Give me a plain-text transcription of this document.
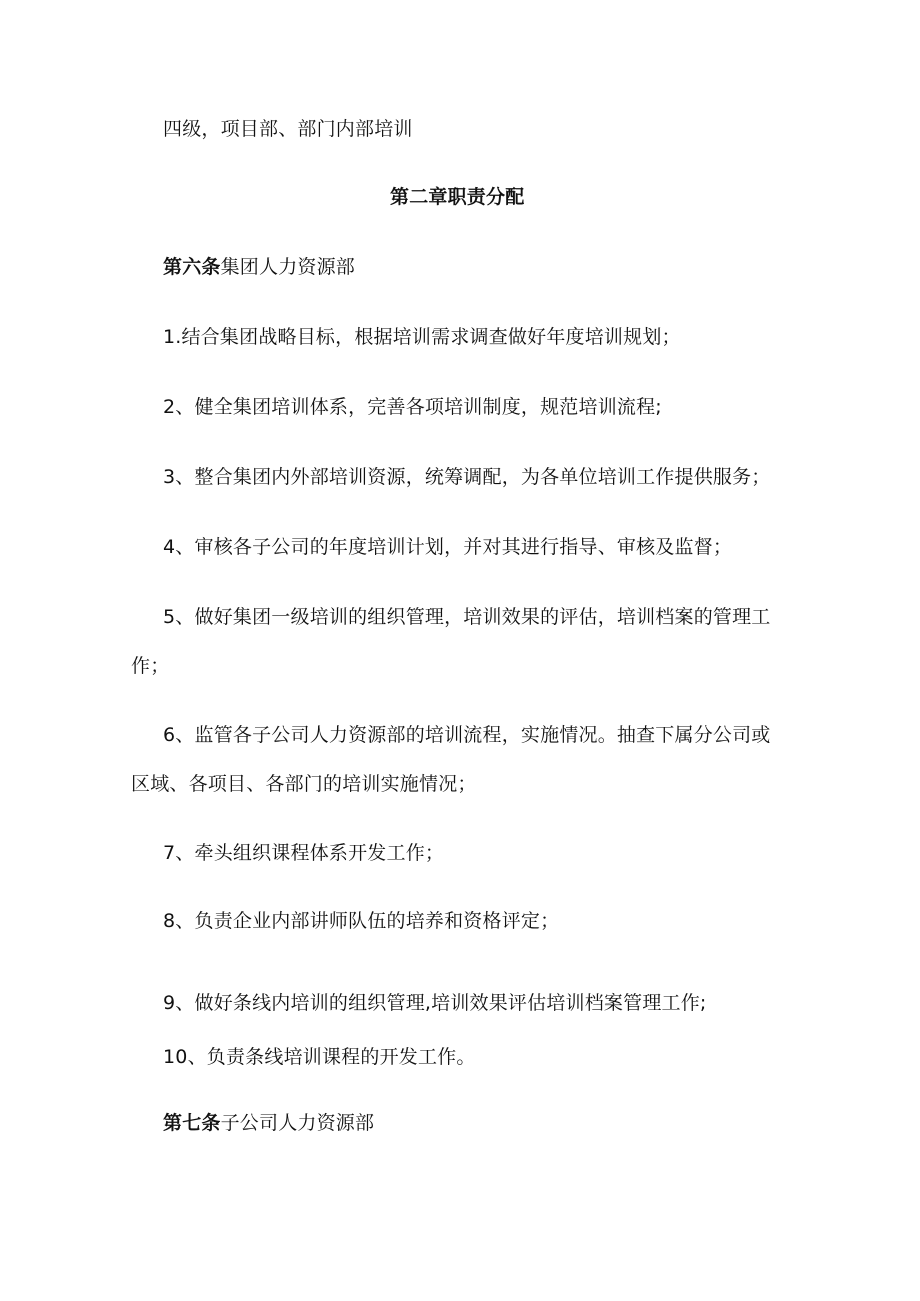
四级，项目部、部门内部培训
第二章职责分配
第六条集团人力资源部
1.结合集团战略目标，根据培训需求调查做好年度培训规划；
2、健全集团培训体系，完善各项培训制度，规范培训流程;
3、整合集团内外部培训资源，统筹调配，为各单位培训工作提供服务；
4、审核各子公司的年度培训计划，并对其进行指导、审核及监督；
5、做好集团一级培训的组织管理，培训效果的评估，培训档案的管理工
作；
6、监管各子公司人力资源部的培训流程，实施情况。抽查下属分公司或
区域、各项目、各部门的培训实施情况；
7、牵头组织课程体系开发工作；
8、负责企业内部讲师队伍的培养和资格评定；
9、做好条线内培训的组织管理,培训效果评估培训档案管理工作;
10、负责条线培训课程的开发工作。
第七条子公司人力资源部
